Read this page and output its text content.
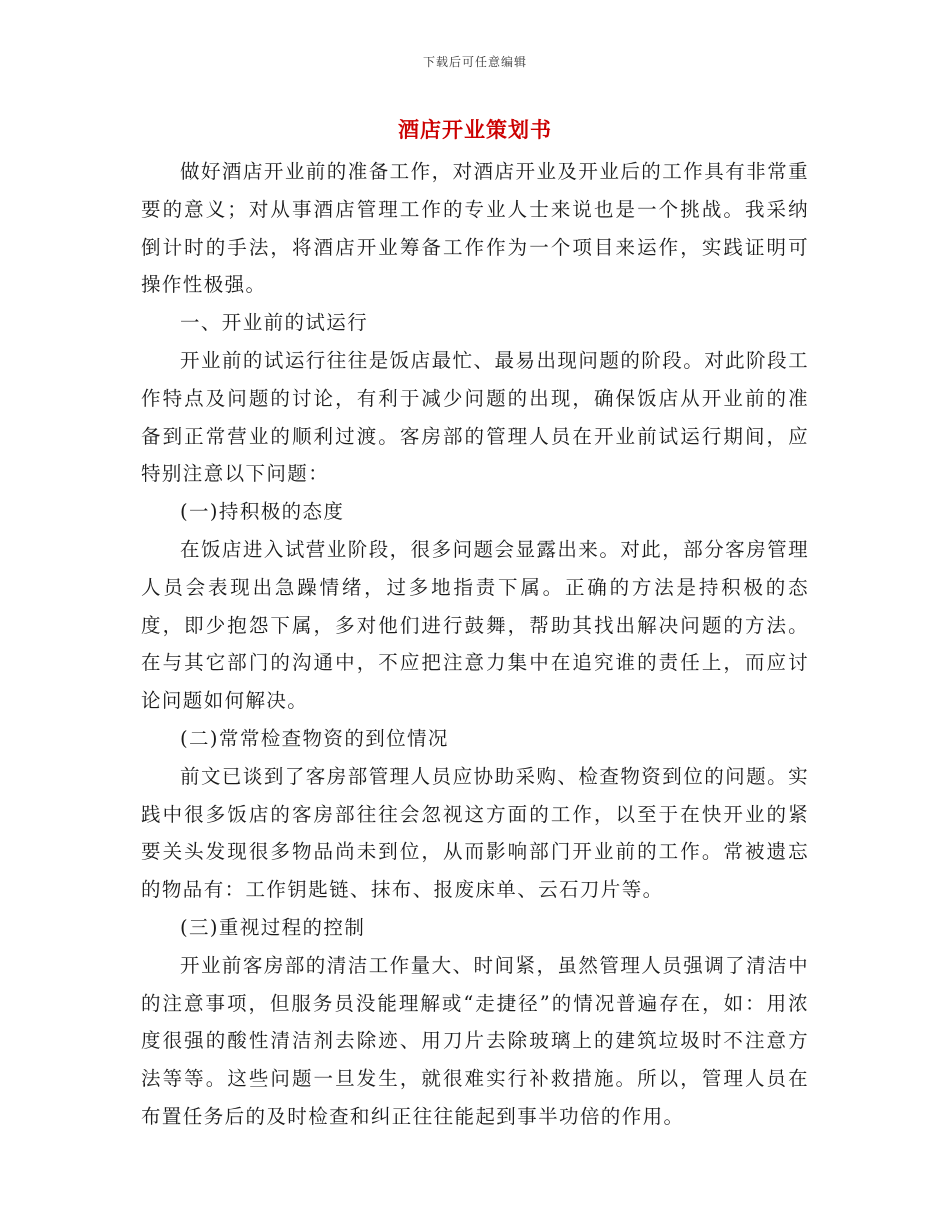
下载后可任意编辑
酒店开业策划书

做好酒店开业前的准备工作，对酒店开业及开业后的工作具有非常重要的意义；对从事酒店管理工作的专业人士来说也是一个挑战。我采纳倒计时的手法，将酒店开业筹备工作作为一个项目来运作，实践证明可操作性极强。

一、开业前的试运行

开业前的试运行往往是饭店最忙、最易出现问题的阶段。对此阶段工作特点及问题的讨论，有利于减少问题的出现，确保饭店从开业前的准备到正常营业的顺利过渡。客房部的管理人员在开业前试运行期间，应特别注意以下问题：

(一)持积极的态度

在饭店进入试营业阶段，很多问题会显露出来。对此，部分客房管理人员会表现出急躁情绪，过多地指责下属。正确的方法是持积极的态度，即少抱怨下属，多对他们进行鼓舞，帮助其找出解决问题的方法。在与其它部门的沟通中，不应把注意力集中在追究谁的责任上，而应讨论问题如何解决。

(二)常常检查物资的到位情况

前文已谈到了客房部管理人员应协助采购、检查物资到位的问题。实践中很多饭店的客房部往往会忽视这方面的工作，以至于在快开业的紧要关头发现很多物品尚未到位，从而影响部门开业前的工作。常被遗忘的物品有：工作钥匙链、抹布、报废床单、云石刀片等。

(三)重视过程的控制

开业前客房部的清洁工作量大、时间紧，虽然管理人员强调了清洁中的注意事项，但服务员没能理解或“走捷径”的情况普遍存在，如：用浓度很强的酸性清洁剂去除迹、用刀片去除玻璃上的建筑垃圾时不注意方法等等。这些问题一旦发生，就很难实行补救措施。所以，管理人员在布置任务后的及时检查和纠正往往能起到事半功倍的作用。
